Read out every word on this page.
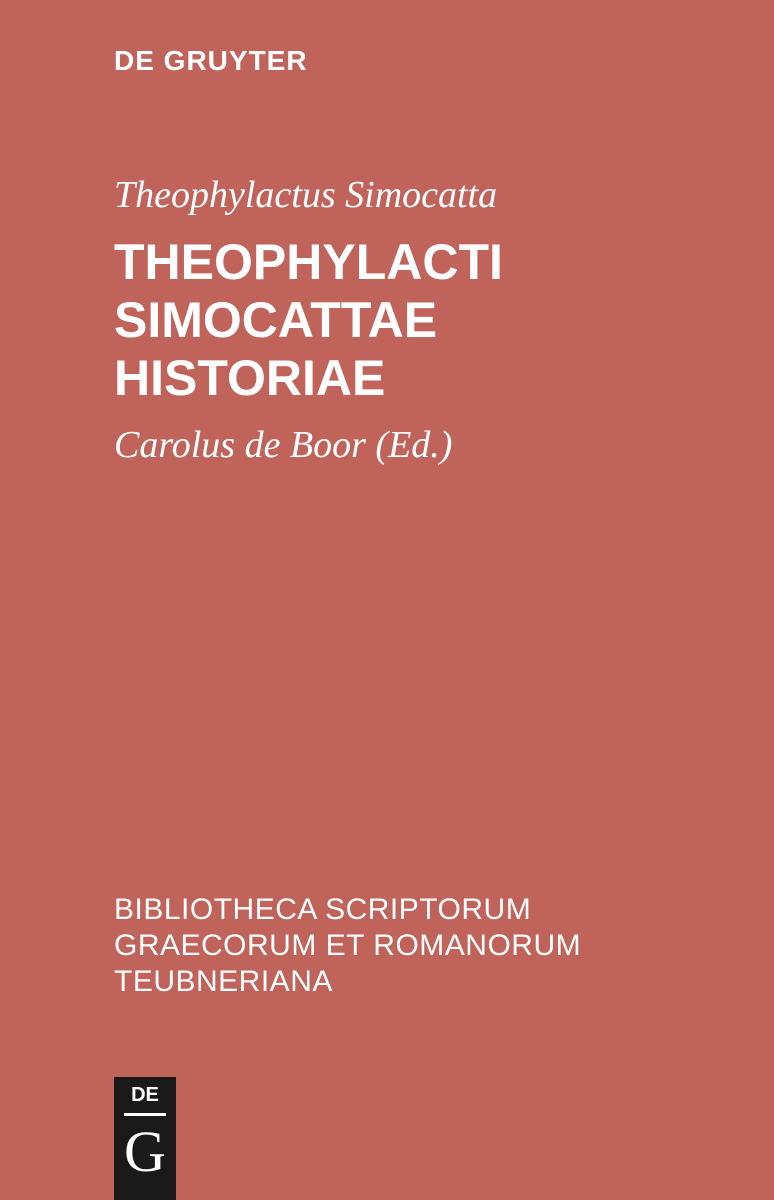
DE GRUYTER
Theophylactus Simocatta
THEOPHYLACTI
SIMOCATTAE
HISTORIAE
Carolus de Boor (Ed.)
BIBLIOTHECA SCRIPTORUM
GRAECORUM ET ROMANORUM
TEUBNERIANA
DE
G
